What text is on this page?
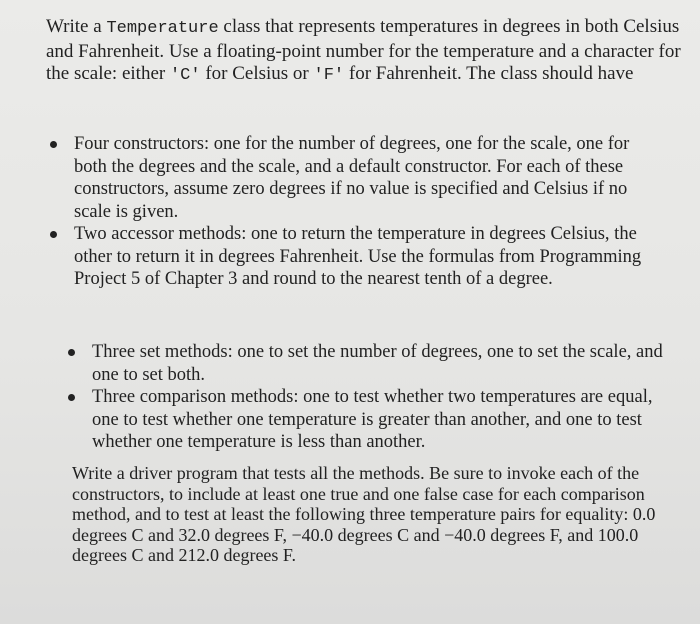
Write a Temperature class that represents temperatures in degrees in both Celsius and Fahrenheit. Use a floating-point number for the temperature and a character for the scale: either 'C' for Celsius or 'F' for Fahrenheit. The class should have

Four constructors: one for the number of degrees, one for the scale, one for both the degrees and the scale, and a default constructor. For each of these constructors, assume zero degrees if no value is specified and Celsius if no scale is given.
Two accessor methods: one to return the temperature in degrees Celsius, the other to return it in degrees Fahrenheit. Use the formulas from Programming Project 5 of Chapter 3 and round to the nearest tenth of a degree.
Three set methods: one to set the number of degrees, one to set the scale, and one to set both.
Three comparison methods: one to test whether two temperatures are equal, one to test whether one temperature is greater than another, and one to test whether one temperature is less than another.

Write a driver program that tests all the methods. Be sure to invoke each of the constructors, to include at least one true and one false case for each comparison method, and to test at least the following three temperature pairs for equality: 0.0 degrees C and 32.0 degrees F, −40.0 degrees C and −40.0 degrees F, and 100.0 degrees C and 212.0 degrees F.
